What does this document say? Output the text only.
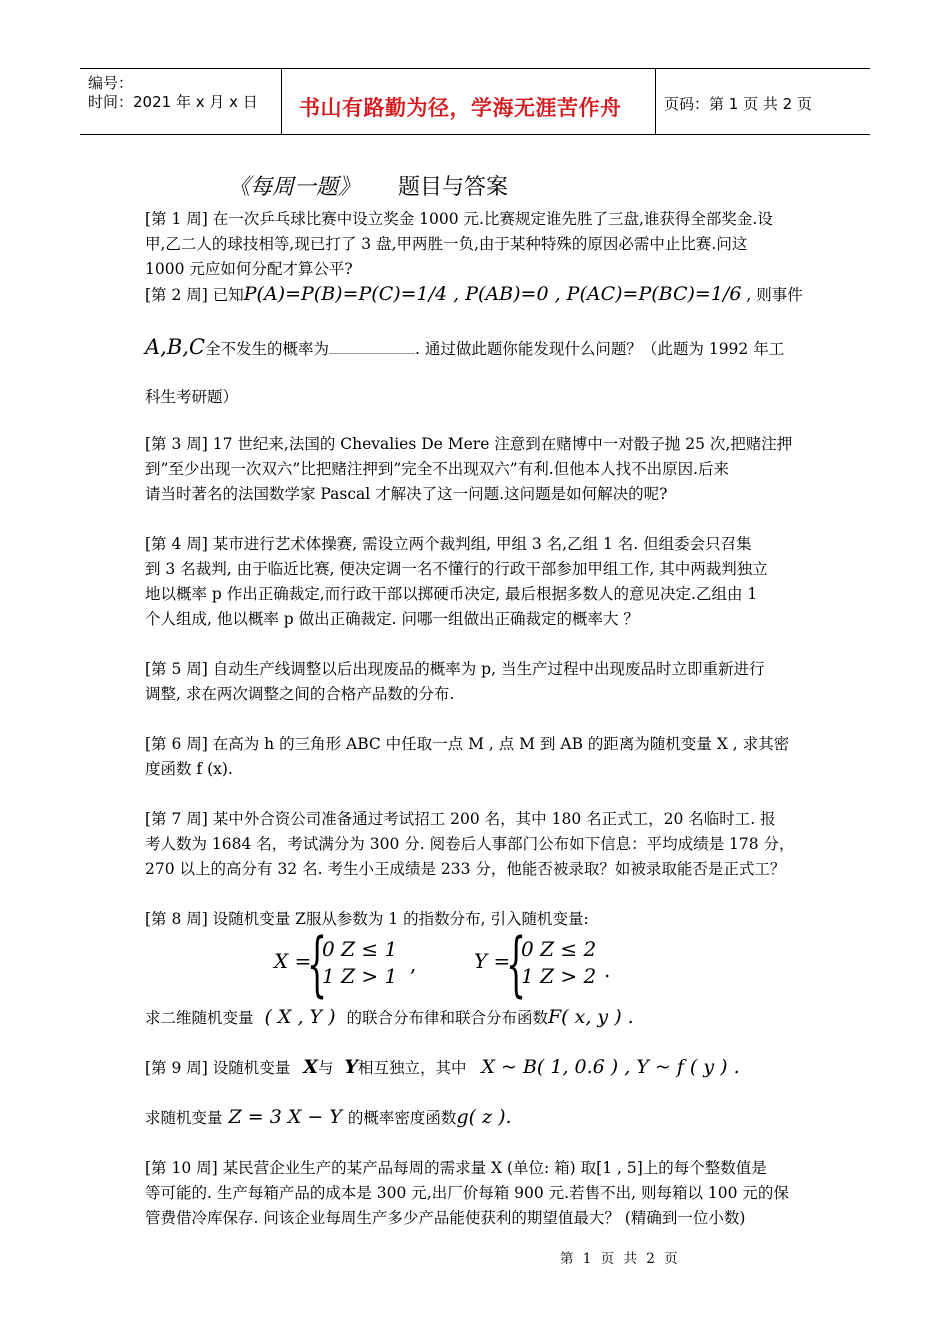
编号：
时间：2021 年 x 月 x 日 书山有路勤为径，学海无涯苦作舟	页码：第 1 页 共 2 页
《每周一题》 题目与答案
[第 1 周] 在一次乒乓球比赛中设立奖金 1000 元.比赛规定谁先胜了三盘,谁获得全部奖金.设
甲,乙二人的球技相等,现已打了 3 盘,甲两胜一负,由于某种特殊的原因必需中止比赛.问这
1000 元应如何分配才算公平?
[第 2 周] 已知P(A)=P(B)=P(C)=1/4 , P(AB)=0 , P(AC)=P(BC)=1/6 , 则事件
A,B,C全不发生的概率为	. 通过做此题你能发现什么问题？（此题为 1992 年工
科生考研题）
[第 3 周] 17 世纪来,法国的 Chevalies De Mere 注意到在赌博中一对骰子抛 25 次,把赌注押
到”至少出现一次双六”比把赌注押到”完全不出现双六”有利.但他本人找不出原因.后来
请当时著名的法国数学家 Pascal 才解决了这一问题.这问题是如何解决的呢?
[第 4 周] 某市进行艺术体操赛, 需设立两个裁判组, 甲组 3 名,乙组 1 名. 但组委会只召集
到 3 名裁判, 由于临近比赛, 便决定调一名不懂行的行政干部参加甲组工作, 其中两裁判独立
地以概率 p 作出正确裁定,而行政干部以掷硬币决定, 最后根据多数人的意见决定.乙组由 1
个人组成, 他以概率 p 做出正确裁定. 问哪一组做出正确裁定的概率大 ？
[第 5 周] 自动生产线调整以后出现废品的概率为 p, 当生产过程中出现废品时立即重新进行
调整, 求在两次调整之间的合格产品数的分布.
[第 6 周] 在高为 h 的三角形 ABC 中任取一点 M , 点 M 到 AB 的距离为随机变量 X , 求其密
度函数 f (x).
[第 7 周] 某中外合资公司准备通过考试招工 200 名，其中 180 名正式工，20 名临时工. 报
考人数为 1684 名，考试满分为 300 分. 阅卷后人事部门公布如下信息：平均成绩是 178 分，
270 以上的高分有 32 名. 考生小王成绩是 233 分，他能否被录取？如被录取能否是正式工？
[第 8 周] 设随机变量 Z服从参数为 1 的指数分布, 引入随机变量:
X =
{
0 Z ≤ 1
1 Z > 1 ,	Y =
{
0 Z ≤ 2
1 Z > 2 .
求二维随机变量 ( X , Y ) 的联合分布律和联合分布函数F( x, y ) .
[第 9 周] 设随机变量 X与 Y相互独立，其中 X ~ B( 1, 0.6 ) , Y ~ f ( y ) .
求随机变量 Z = 3 X − Y 的概率密度函数g( z ).
[第 10 周] 某民营企业生产的某产品每周的需求量 X (单位: 箱) 取[1 , 5]上的每个整数值是
等可能的. 生产每箱产品的成本是 300 元,出厂价每箱 900 元.若售不出, 则每箱以 100 元的保
管费借冷库保存. 问该企业每周生产多少产品能使获利的期望值最大？ (精确到一位小数)
第 1 页 共 2 页
